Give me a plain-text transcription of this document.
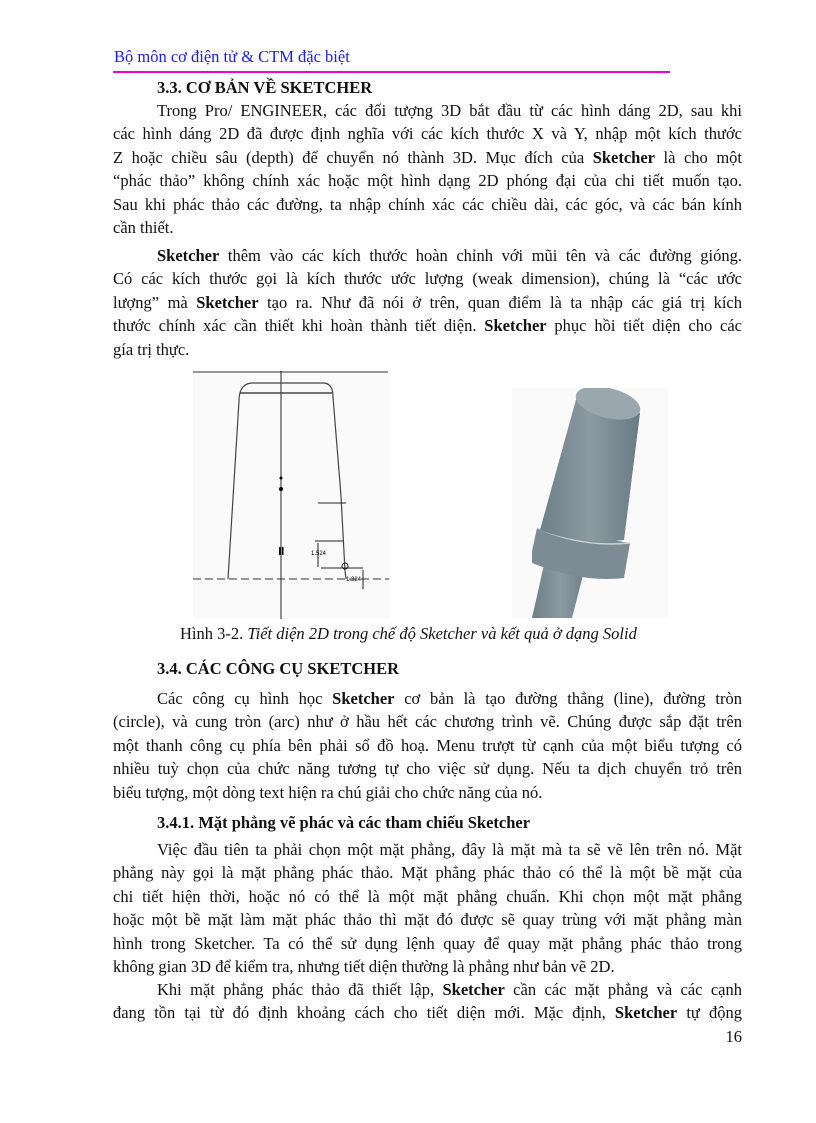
Bộ môn cơ điện tử & CTM đặc biệt
3.3. CƠ BẢN VỀ SKETCHER
Trong Pro/ ENGINEER, các đối tượng 3D bắt đầu từ các hình dáng 2D, sau khi
các hình dáng 2D đã được định nghĩa với các kích thước X và Y, nhập một kích thước
Z hoặc chiều sâu (depth) để chuyển nó thành 3D. Mục đích của Sketcher là cho một
“phác thảo” không chính xác hoặc một hình dạng 2D phóng đại của chi tiết muốn tạo.
Sau khi phác thảo các đường, ta nhập chính xác các chiều dài, các góc, và các bán kính
cần thiết.
Sketcher thêm vào các kích thước hoàn chỉnh với mũi tên và các đường gióng.
Có các kích thước gọi là kích thước ước lượng (weak dimension), chúng là “các ước
lượng” mà Sketcher tạo ra. Như đã nói ở trên, quan điểm là ta nhập các giá trị kích
thước chính xác cần thiết khi hoàn thành tiết diện. Sketcher phục hồi tiết diện cho các
gía trị thực.
1.524
1.324
Hình 3-2. Tiết diện 2D trong chế độ Sketcher và kết quả ở dạng Solid
3.4. CÁC CÔNG CỤ SKETCHER
Các công cụ hình học Sketcher cơ bản là tạo đường thẳng (line), đường tròn
(circle), và cung tròn (arc) như ở hầu hết các chương trình vẽ. Chúng được sắp đặt trên
một thanh công cụ phía bên phải sổ đồ hoạ. Menu trượt từ cạnh của một biểu tượng có
nhiều tuỳ chọn của chức năng tương tự cho việc sử dụng. Nếu ta dịch chuyển trỏ trên
biểu tượng, một dòng text hiện ra chú giải cho chức năng của nó.
3.4.1. Mặt phẳng vẽ phác và các tham chiếu Sketcher
Việc đầu tiên ta phải chọn một mặt phẳng, đây là mặt mà ta sẽ vẽ lên trên nó. Mặt
phẳng này gọi là mặt phẳng phác thảo. Mặt phẳng phác thảo có thể là một bề mặt của
chi tiết hiện thời, hoặc nó có thể là một mặt phẳng chuẩn. Khi chọn một mặt phẳng
hoặc một bề mặt làm mặt phác thảo thì mặt đó được sẽ quay trùng với mặt phẳng màn
hình trong Sketcher. Ta có thể sử dụng lệnh quay để quay mặt phẳng phác thảo trong
không gian 3D để kiểm tra, nhưng tiết diện thường là phẳng như bản vẽ 2D.
Khi mặt phẳng phác thảo đã thiết lập, Sketcher cần các mặt phẳng và các cạnh
đang tồn tại từ đó định khoảng cách cho tiết diện mới. Mặc định, Sketcher tự động
16
